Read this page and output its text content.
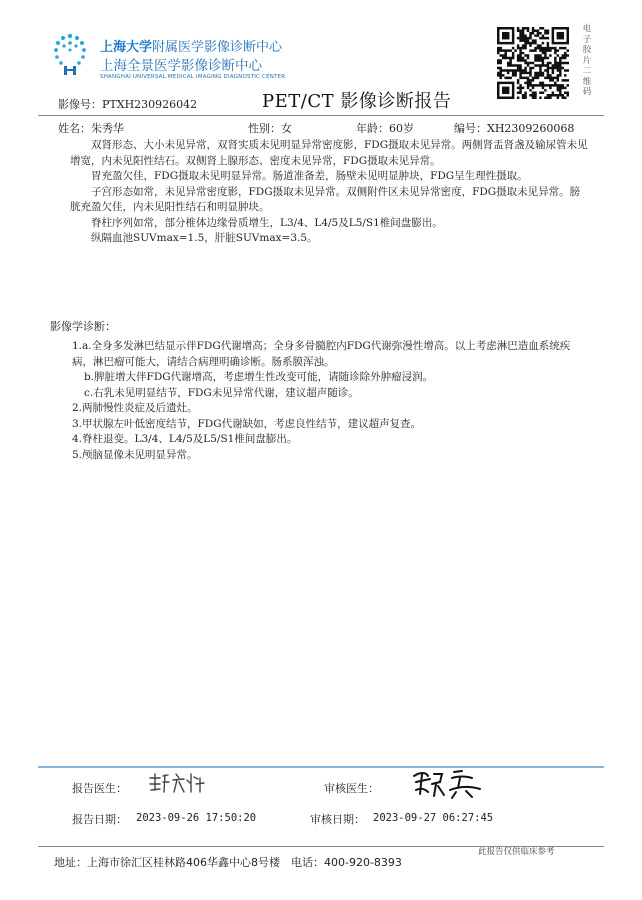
上海大学附属医学影像诊断中心
上海全景医学影像诊断中心
SHANGHAI UNIVERSAL MEDICAL IMAGING DIAGNOSTIC CENTER
电
子
胶
片
二
维
码
影像号：PTXH230926042	PET/CT 影像诊断报告
姓名：朱秀华	性别：女	年龄：60岁	编号：XH2309260068

双肾形态、大小未见异常，双肾实质未见明显异常密度影，FDG摄取未见异常。两侧肾盂肾盏及输尿管未见增宽，内未见阳性结石。双侧肾上腺形态、密度未见异常，FDG摄取未见异常。

胃充盈欠佳，FDG摄取未见明显异常。肠道准备差，肠壁未见明显肿块，FDG呈生理性摄取。

子宫形态如常，未见异常密度影，FDG摄取未见异常。双侧附件区未见异常密度，FDG摄取未见异常。膀胱充盈欠佳，内未见阳性结石和明显肿块。

脊柱序列如常，部分椎体边缘骨质增生，L3/4、L4/5及L5/S1椎间盘膨出。

纵隔血池SUVmax=1.5，肝脏SUVmax=3.5。

影像学诊断：

1.a.全身多发淋巴结显示伴FDG代谢增高；全身多骨髓腔内FDG代谢弥漫性增高。以上考虑淋巴造血系统疾病，淋巴瘤可能大，请结合病理明确诊断。肠系膜浑浊。

b.脾脏增大伴FDG代谢增高，考虑增生性改变可能，请随诊除外肿瘤浸润。

c.右乳未见明显结节，FDG未见异常代谢，建议超声随诊。

2.两肺慢性炎症及后遗灶。

3.甲状腺左叶低密度结节，FDG代谢缺如，考虑良性结节，建议超声复查。

4.脊柱退变。L3/4、L4/5及L5/S1椎间盘膨出。

5.颅脑显像未见明显异常。

报告医生：	审核医生：
报告日期： 2023-09-26 17:50:20	审核日期： 2023-09-27 06:27:45
此报告仅供临床参考
地址：上海市徐汇区桂林路406华鑫中心8号楼　电话：400-920-8393
